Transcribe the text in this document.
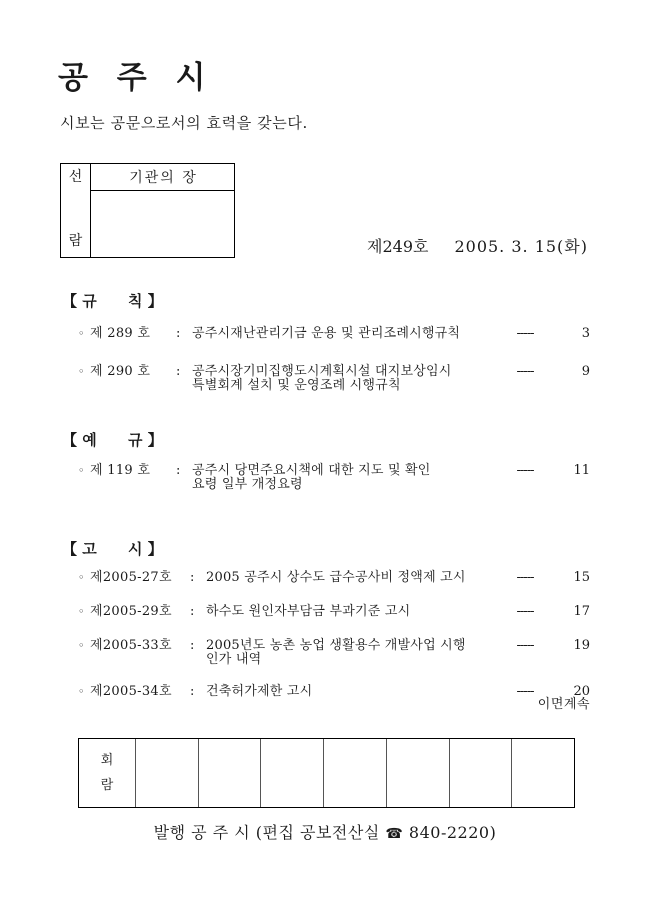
공 주 시
시보는 공문으로서의 효력을 갖는다.
선
람
기관의 장
제249호 2005. 3. 15(화)
【 규      칙 】
◦ 제 289 호	: 공주시재난관리기금 운용 및 관리조례시행규칙	-----	3
◦ 제 290 호	: 공주시장기미집행도시계획시설 대지보상임시
특별회계 설치 및 운영조례 시행규칙
-----	9
【 예      규 】
◦ 제 119 호	: 공주시 당면주요시책에 대한 지도 및 확인
요령 일부 개정요령
-----	11
【 고      시 】
◦ 제2005-27호	: 2005 공주시 상수도 급수공사비 정액제 고시	-----	15
◦ 제2005-29호	: 하수도 원인자부담금 부과기준 고시	-----	17
◦ 제2005-33호	: 2005년도 농촌 농업 생활용수 개발사업 시행
인가 내역
-----	19
◦ 제2005-34호	: 건축허가제한 고시	-----	20
이면계속
회
람
발행 공 주 시 (편집 공보전산실 ☎ 840-2220)
